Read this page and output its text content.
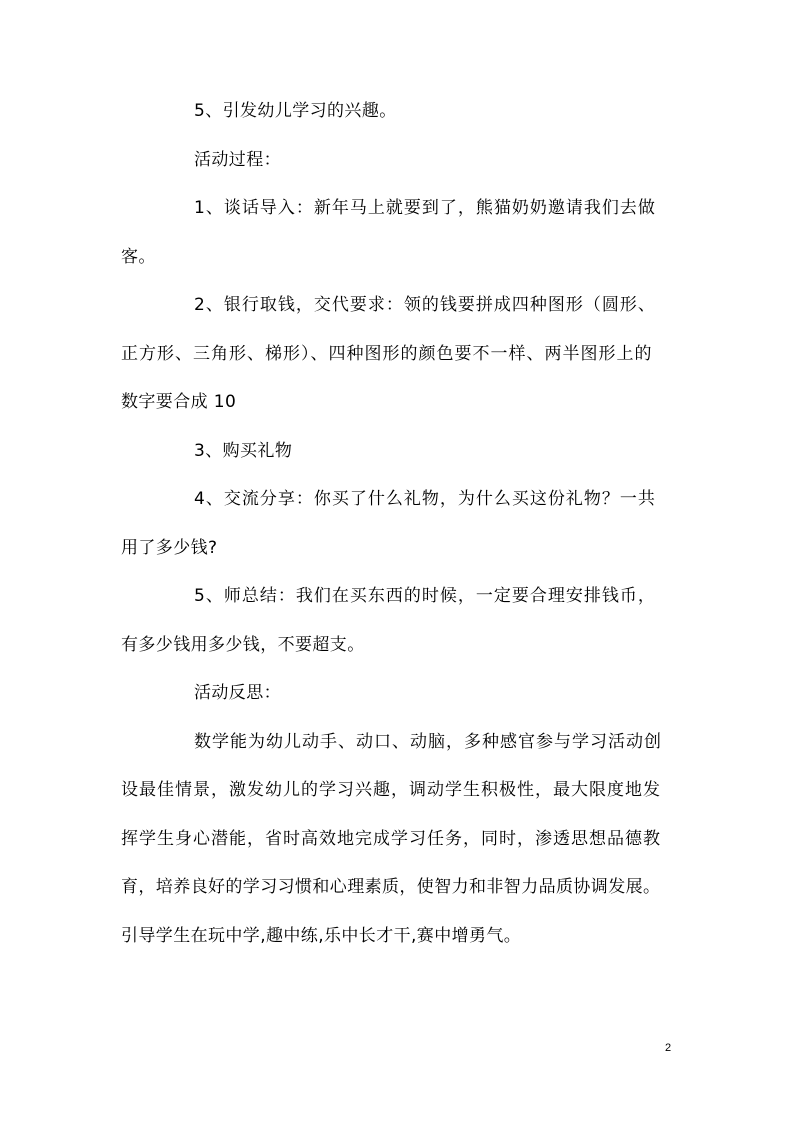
5、引发幼儿学习的兴趣。
活动过程：
1、谈话导入：新年马上就要到了，熊猫奶奶邀请我们去做
客。
2、银行取钱，交代要求：领的钱要拼成四种图形（圆形、
正方形、三角形、梯形）、四种图形的颜色要不一样、两半图形上的
数字要合成 10
3、购买礼物
4、交流分享：你买了什么礼物，为什么买这份礼物？一共
用了多少钱?
5、师总结：我们在买东西的时候，一定要合理安排钱币，
有多少钱用多少钱，不要超支。
活动反思：
数学能为幼儿动手、动口、动脑，多种感官参与学习活动创
设最佳情景，激发幼儿的学习兴趣，调动学生积极性，最大限度地发
挥学生身心潜能，省时高效地完成学习任务，同时，渗透思想品德教
育，培养良好的学习习惯和心理素质，使智力和非智力品质协调发展。
引导学生在玩中学,趣中练,乐中长才干,赛中增勇气。
2
